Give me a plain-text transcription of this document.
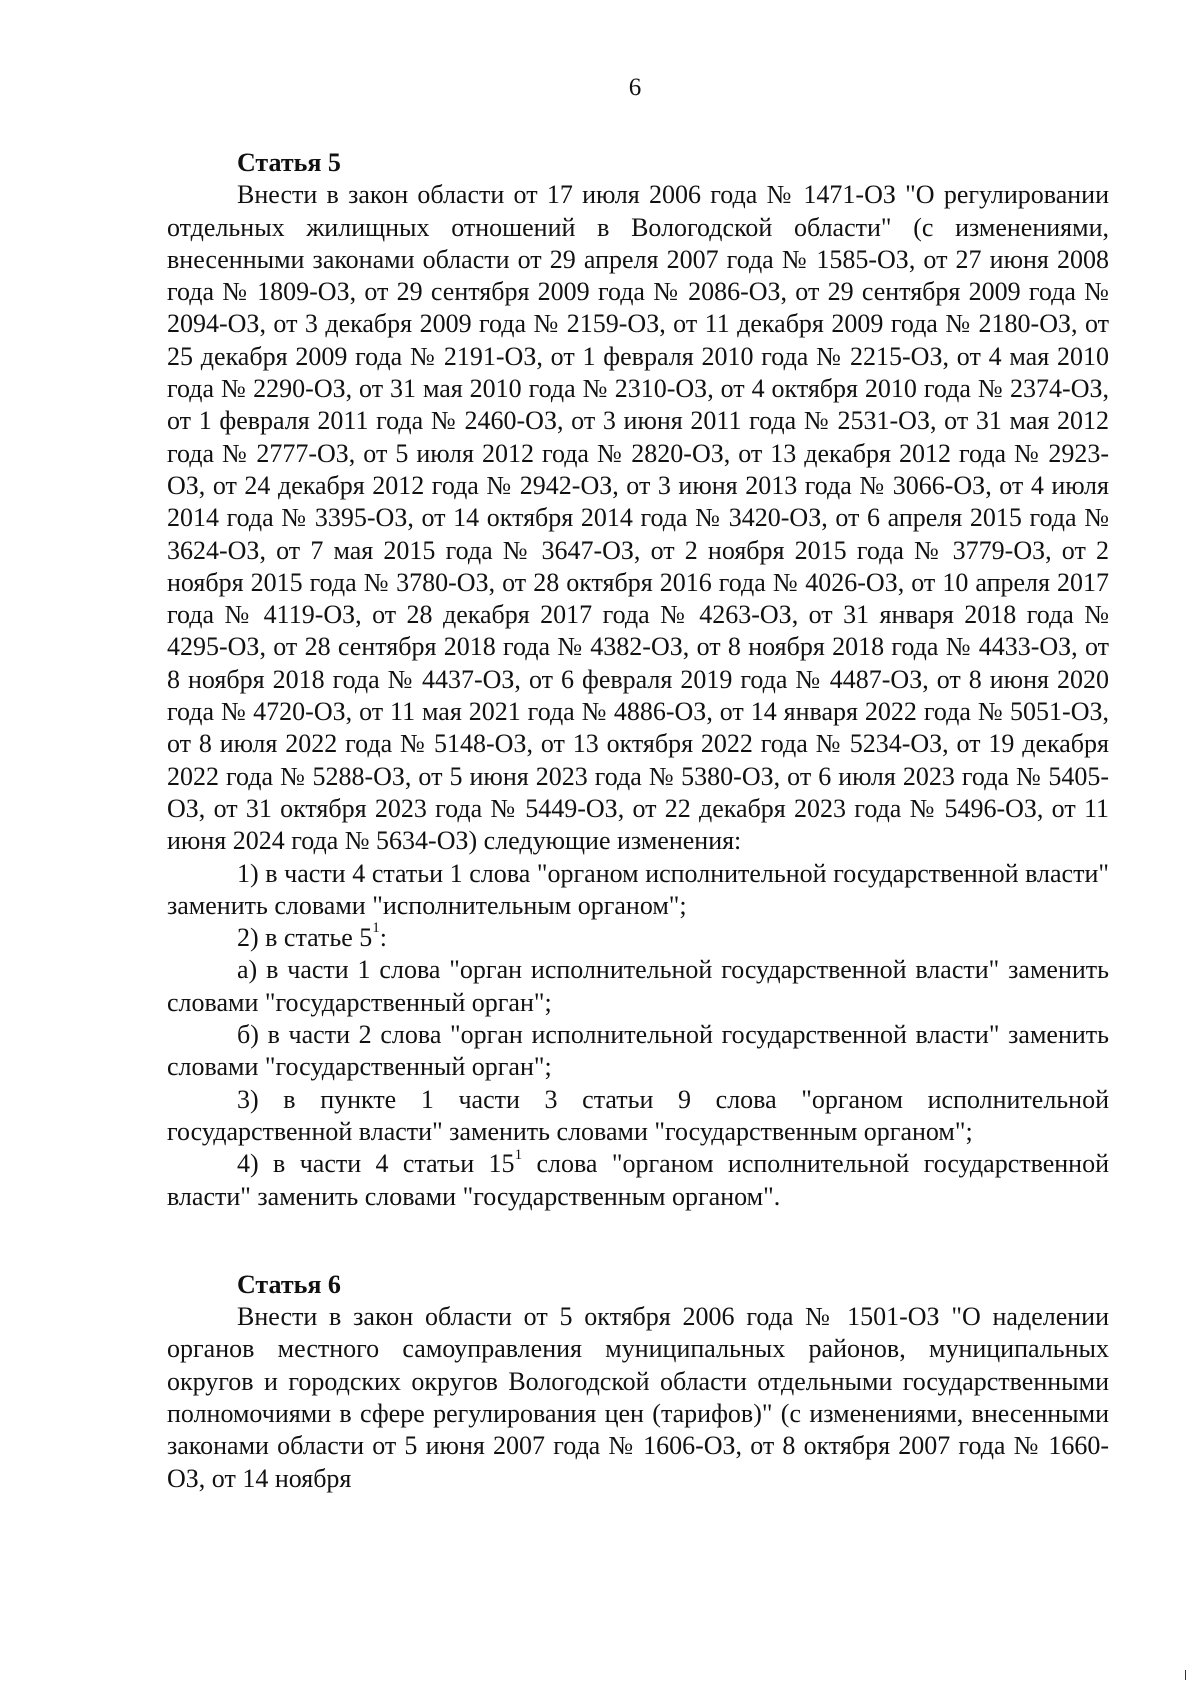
6

Статья 5

Внести в закон области от 17 июля 2006 года № 1471-ОЗ "О регулировании отдельных жилищных отношений в Вологодской области" (с изменениями, внесенными законами области от 29 апреля 2007 года № 1585-ОЗ, от 27 июня 2008 года № 1809-ОЗ, от 29 сентября 2009 года № 2086-ОЗ, от 29 сентября 2009 года № 2094-ОЗ, от 3 декабря 2009 года № 2159-ОЗ, от 11 декабря 2009 года № 2180-ОЗ, от 25 декабря 2009 года № 2191-ОЗ, от 1 февраля 2010 года № 2215-ОЗ, от 4 мая 2010 года № 2290-ОЗ, от 31 мая 2010 года № 2310-ОЗ, от 4 октября 2010 года № 2374-ОЗ, от 1 февраля 2011 года № 2460-ОЗ, от 3 июня 2011 года № 2531-ОЗ, от 31 мая 2012 года № 2777-ОЗ, от 5 июля 2012 года № 2820-ОЗ, от 13 декабря 2012 года № 2923-ОЗ, от 24 декабря 2012 года № 2942-ОЗ, от 3 июня 2013 года № 3066-ОЗ, от 4 июля 2014 года № 3395-ОЗ, от 14 октября 2014 года № 3420-ОЗ, от 6 апреля 2015 года № 3624-ОЗ, от 7 мая 2015 года № 3647-ОЗ, от 2 ноября 2015 года № 3779-ОЗ, от 2 ноября 2015 года № 3780-ОЗ, от 28 октября 2016 года № 4026-ОЗ, от 10 апреля 2017 года № 4119-ОЗ, от 28 декабря 2017 года № 4263-ОЗ, от 31 января 2018 года № 4295-ОЗ, от 28 сентября 2018 года № 4382-ОЗ, от 8 ноября 2018 года № 4433-ОЗ, от 8 ноября 2018 года № 4437-ОЗ, от 6 февраля 2019 года № 4487-ОЗ, от 8 июня 2020 года № 4720-ОЗ, от 11 мая 2021 года № 4886-ОЗ, от 14 января 2022 года № 5051-ОЗ, от 8 июля 2022 года № 5148-ОЗ, от 13 октября 2022 года № 5234-ОЗ, от 19 декабря 2022 года № 5288-ОЗ, от 5 июня 2023 года № 5380-ОЗ, от 6 июля 2023 года № 5405-ОЗ, от 31 октября 2023 года № 5449-ОЗ, от 22 декабря 2023 года № 5496-ОЗ, от 11 июня 2024 года № 5634-ОЗ) следующие изменения:

1) в части 4 статьи 1 слова "органом исполнительной государственной власти" заменить словами "исполнительным органом";

2) в статье $5^1$:

а) в части 1 слова "орган исполнительной государственной власти" заменить словами "государственный орган";

б) в части 2 слова "орган исполнительной государственной власти" заменить словами "государственный орган";

3) в пункте 1 части 3 статьи 9 слова "органом исполнительной государственной власти" заменить словами "государственным органом";

4) в части 4 статьи $15^1$ слова "органом исполнительной государственной власти" заменить словами "государственным органом".

Статья 6

Внести в закон области от 5 октября 2006 года № 1501-ОЗ "О наделении органов местного самоуправления муниципальных районов, муниципальных округов и городских округов Вологодской области отдельными государственными полномочиями в сфере регулирования цен (тарифов)" (с изменениями, внесенными законами области от 5 июня 2007 года № 1606-ОЗ, от 8 октября 2007 года № 1660-ОЗ, от 14 ноября
